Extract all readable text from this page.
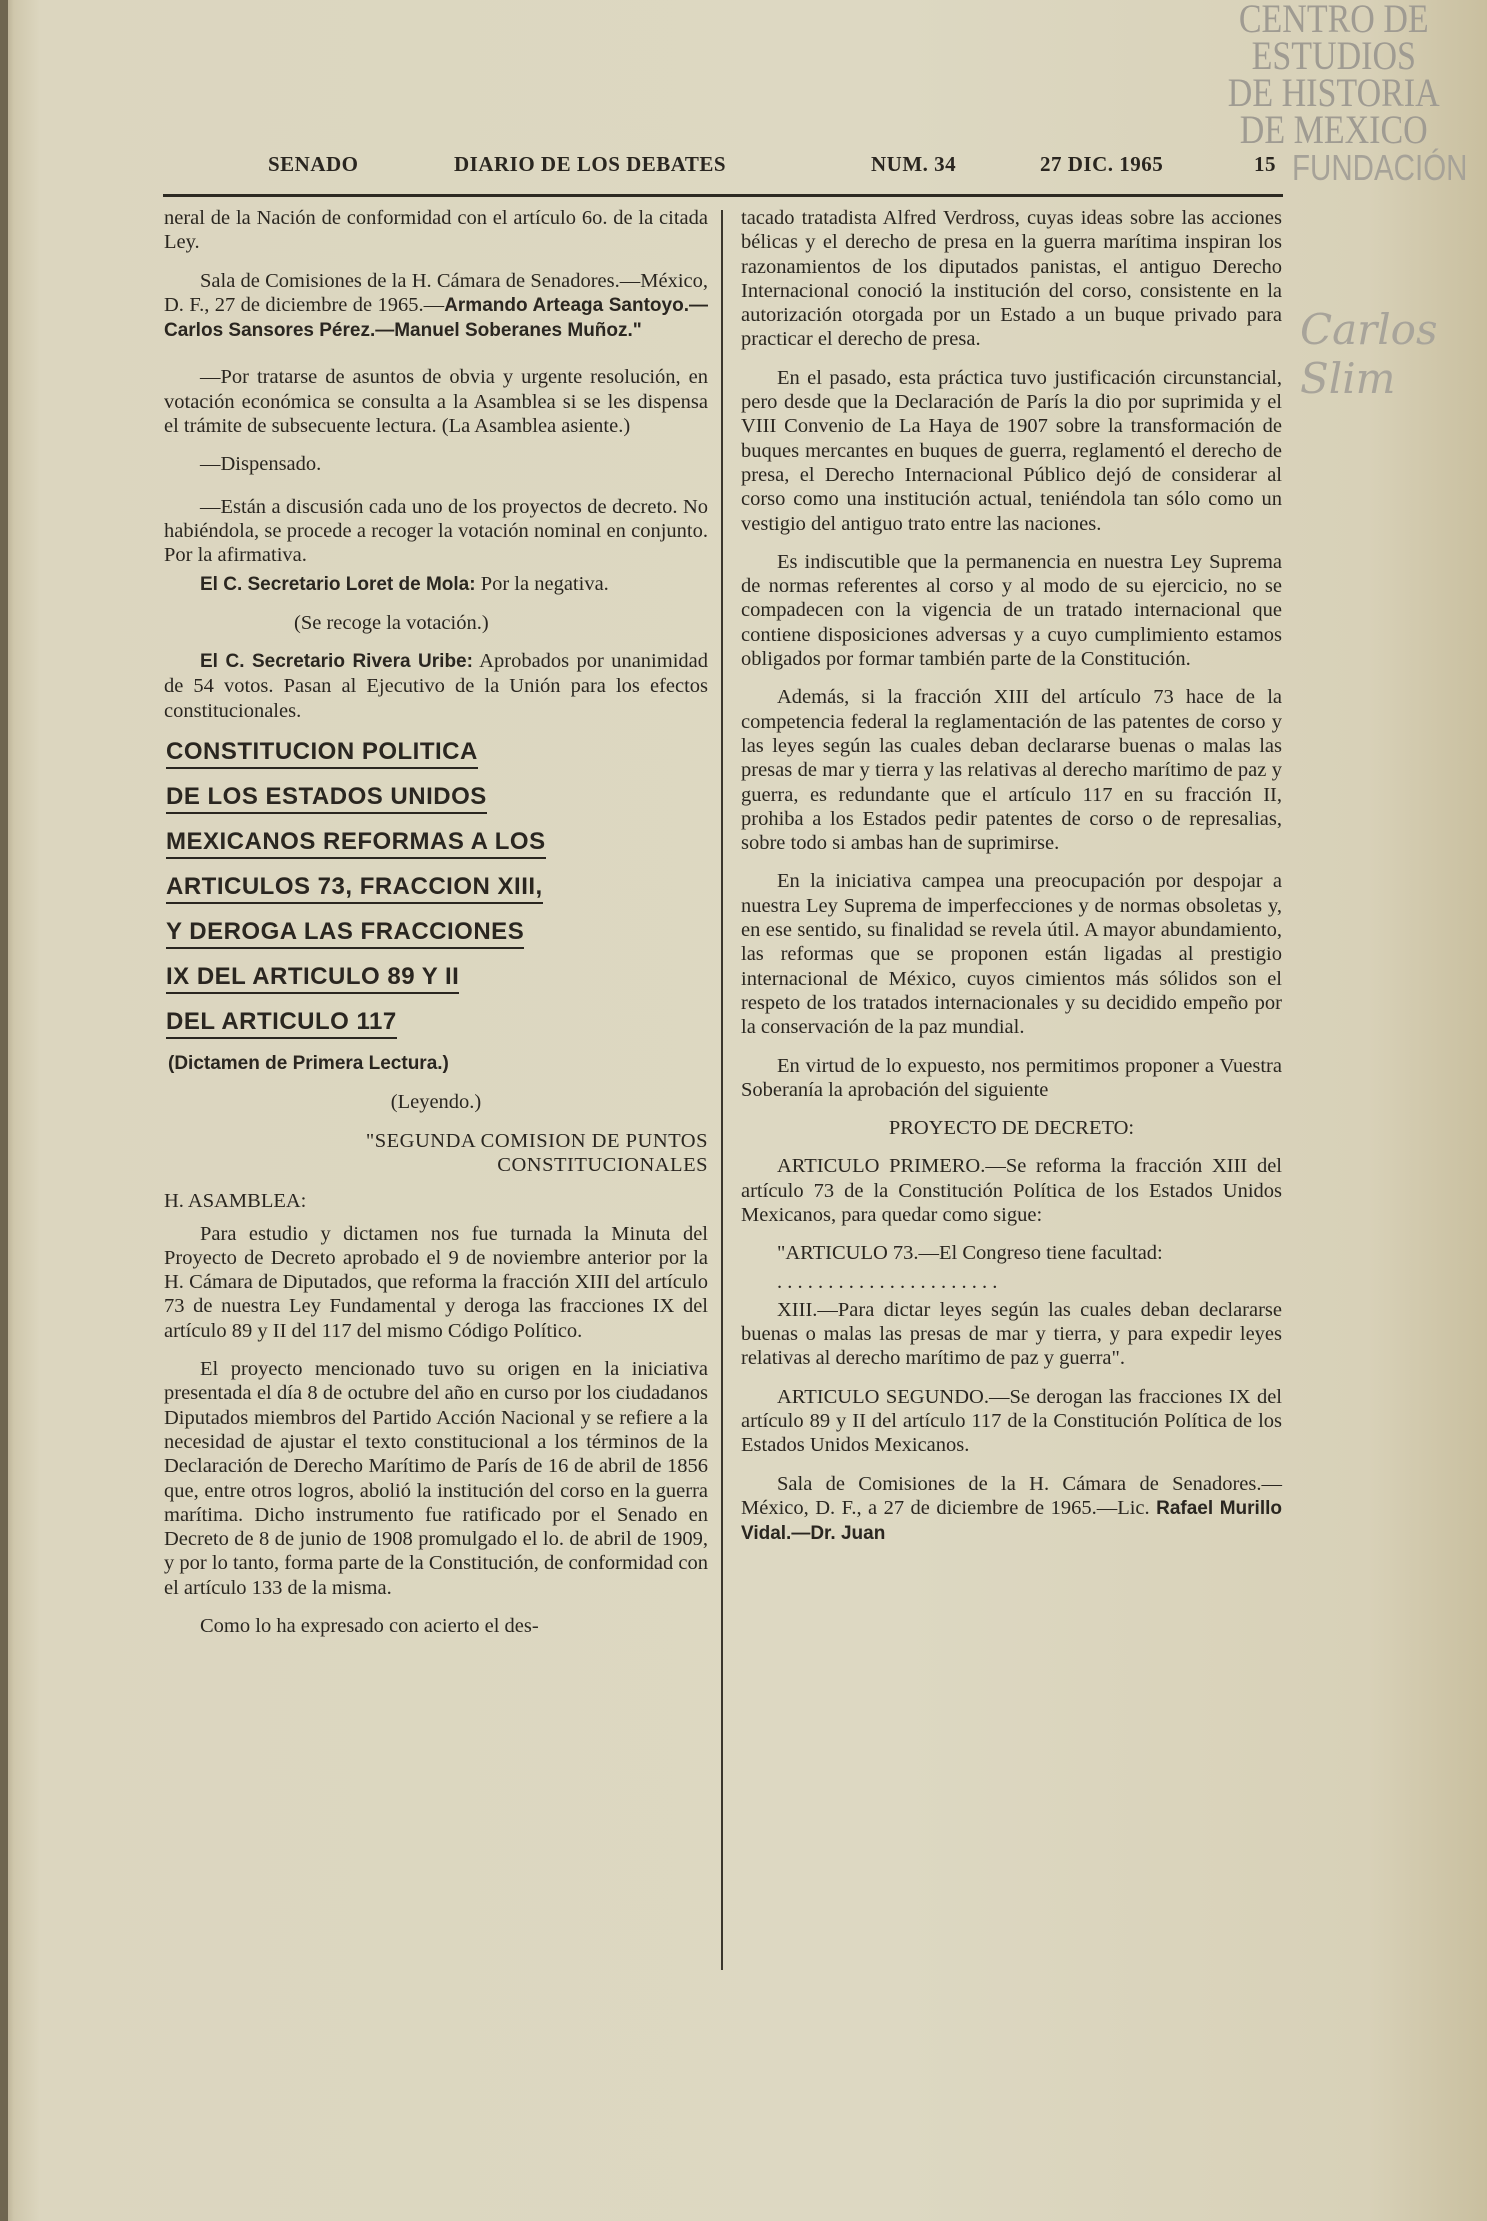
CENTRO DE
ESTUDIOS
DE HISTORIA
DE MEXICO
FUNDACIÓN
Carlos Slim
SENADO	DIARIO DE LOS DEBATES	NUM. 34	27 DIC. 1965	15

neral de la Nación de conformidad con el artículo 6o. de la citada Ley.

Sala de Comisiones de la H. Cámara de Senadores.—México, D. F., 27 de diciembre de 1965.—Armando Arteaga Santoyo.—Carlos Sansores Pérez.—Manuel Soberanes Muñoz."

—Por tratarse de asuntos de obvia y urgente resolución, en votación económica se consulta a la Asamblea si se les dispensa el trámite de subsecuente lectura. (La Asamblea asiente.)

—Dispensado.

—Están a discusión cada uno de los proyectos de decreto. No habiéndola, se procede a recoger la votación nominal en conjunto. Por la afirmativa.

El C. Secretario Loret de Mola: Por la negativa.

(Se recoge la votación.)

El C. Secretario Rivera Uribe: Aprobados por unanimidad de 54 votos. Pasan al Ejecutivo de la Unión para los efectos constitucionales.

CONSTITUCION POLITICA
DE LOS ESTADOS UNIDOS
MEXICANOS REFORMAS A LOS
ARTICULOS 73, FRACCION XIII,
Y DEROGA LAS FRACCIONES
IX DEL ARTICULO 89 Y II
DEL ARTICULO 117
(Dictamen de Primera Lectura.)

(Leyendo.)

"SEGUNDA COMISION DE PUNTOS
CONSTITUCIONALES

H. ASAMBLEA:

Para estudio y dictamen nos fue turnada la Minuta del Proyecto de Decreto aprobado el 9 de noviembre anterior por la H. Cámara de Diputados, que reforma la fracción XIII del artículo 73 de nuestra Ley Fundamental y deroga las fracciones IX del artículo 89 y II del 117 del mismo Código Político.

El proyecto mencionado tuvo su origen en la iniciativa presentada el día 8 de octubre del año en curso por los ciudadanos Diputados miembros del Partido Acción Nacional y se refiere a la necesidad de ajustar el texto constitucional a los términos de la Declaración de Derecho Marítimo de París de 16 de abril de 1856 que, entre otros logros, abolió la institución del corso en la guerra marítima. Dicho instrumento fue ratificado por el Senado en Decreto de 8 de junio de 1908 promulgado el lo. de abril de 1909, y por lo tanto, forma parte de la Constitución, de conformidad con el artículo 133 de la misma.

Como lo ha expresado con acierto el des-

tacado tratadista Alfred Verdross, cuyas ideas sobre las acciones bélicas y el derecho de presa en la guerra marítima inspiran los razonamientos de los diputados panistas, el antiguo Derecho Internacional conoció la institución del corso, consistente en la autorización otorgada por un Estado a un buque privado para practicar el derecho de presa.

En el pasado, esta práctica tuvo justificación circunstancial, pero desde que la Declaración de París la dio por suprimida y el VIII Convenio de La Haya de 1907 sobre la transformación de buques mercantes en buques de guerra, reglamentó el derecho de presa, el Derecho Internacional Público dejó de considerar al corso como una institución actual, teniéndola tan sólo como un vestigio del antiguo trato entre las naciones.

Es indiscutible que la permanencia en nuestra Ley Suprema de normas referentes al corso y al modo de su ejercicio, no se compadecen con la vigencia de un tratado internacional que contiene disposiciones adversas y a cuyo cumplimiento estamos obligados por formar también parte de la Constitución.

Además, si la fracción XIII del artículo 73 hace de la competencia federal la reglamentación de las patentes de corso y las leyes según las cuales deban declararse buenas o malas las presas de mar y tierra y las relativas al derecho marítimo de paz y guerra, es redundante que el artículo 117 en su fracción II, prohiba a los Estados pedir patentes de corso o de represalias, sobre todo si ambas han de suprimirse.

En la iniciativa campea una preocupación por despojar a nuestra Ley Suprema de imperfecciones y de normas obsoletas y, en ese sentido, su finalidad se revela útil. A mayor abundamiento, las reformas que se proponen están ligadas al prestigio internacional de México, cuyos cimientos más sólidos son el respeto de los tratados internacionales y su decidido empeño por la conservación de la paz mundial.

En virtud de lo expuesto, nos permitimos proponer a Vuestra Soberanía la aprobación del siguiente

PROYECTO DE DECRETO:

ARTICULO PRIMERO.—Se reforma la fracción XIII del artículo 73 de la Constitución Política de los Estados Unidos Mexicanos, para quedar como sigue:

"ARTICULO 73.—El Congreso tiene facultad:

. . . . . . . . . . . . . . . . . . . . . .

XIII.—Para dictar leyes según las cuales deban declararse buenas o malas las presas de mar y tierra, y para expedir leyes relativas al derecho marítimo de paz y guerra".

ARTICULO SEGUNDO.—Se derogan las fracciones IX del artículo 89 y II del artículo 117 de la Constitución Política de los Estados Unidos Mexicanos.

Sala de Comisiones de la H. Cámara de Senadores.—México, D. F., a 27 de diciembre de 1965.—Lic. Rafael Murillo Vidal.—Dr. Juan
